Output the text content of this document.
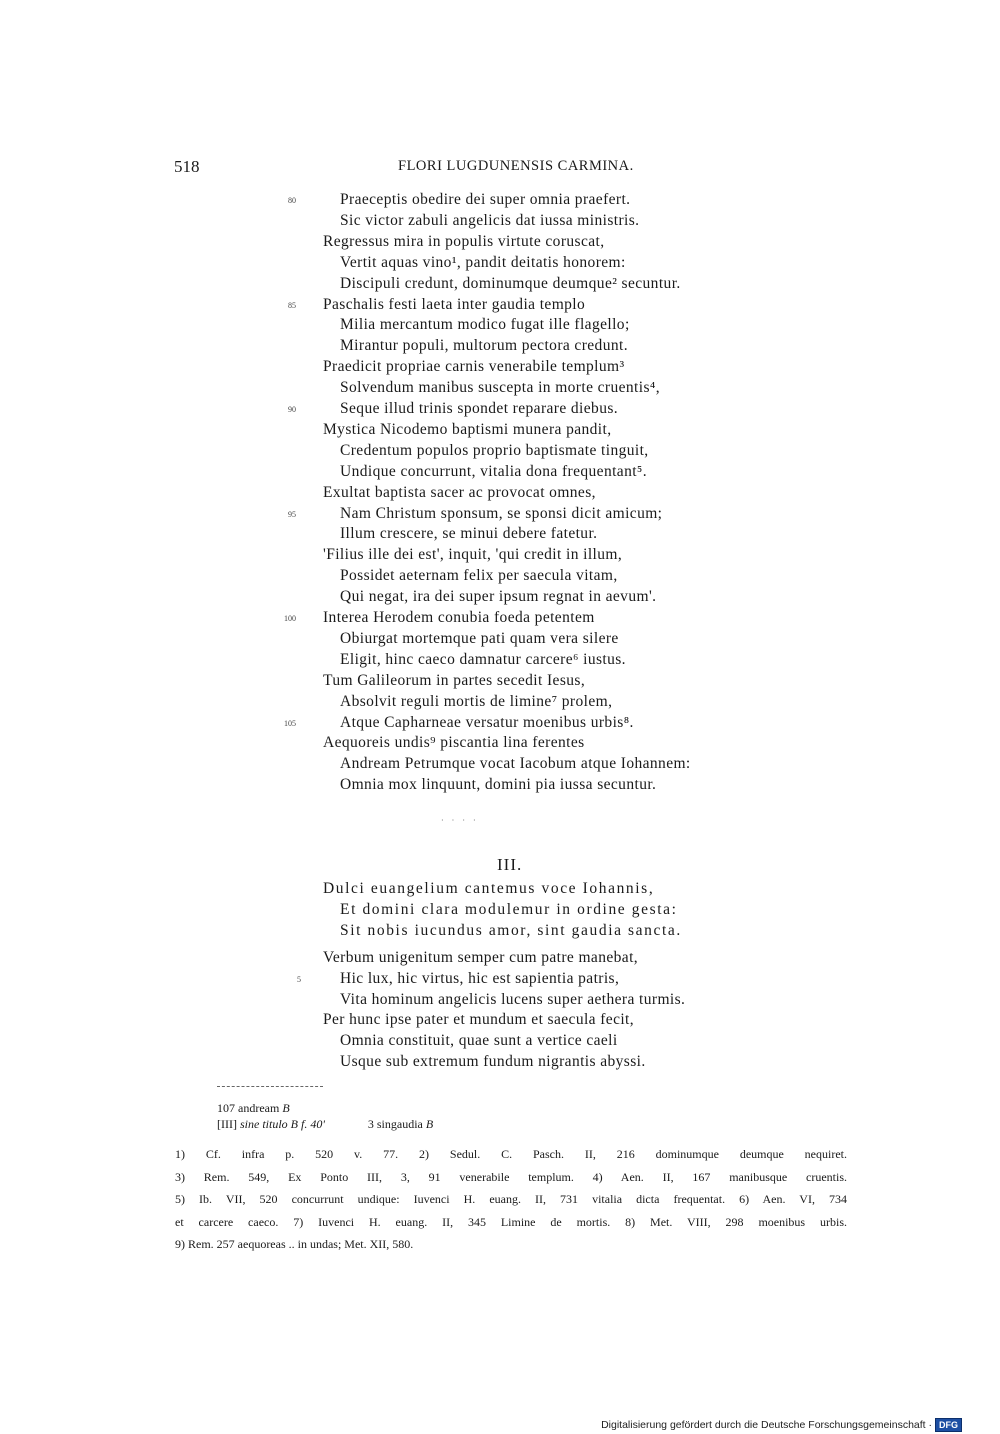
518	FLORI LUGDUNENSIS CARMINA.
Praeceptis obedire dei super omnia praefert.
80
Sic victor zabuli angelicis dat iussa ministris.
Regressus mira in populis virtute coruscat,
Vertit aquas vino¹, pandit deitatis honorem:
Discipuli credunt, dominumque deumque² secuntur.
Paschalis festi laeta inter gaudia templo
85
Milia mercantum modico fugat ille flagello;
Mirantur populi, multorum pectora credunt.
Praedicit propriae carnis venerabile templum³
Solvendum manibus suscepta in morte cruentis⁴,
Seque illud trinis spondet reparare diebus.
90
Mystica Nicodemo baptismi munera pandit,
Credentum populos proprio baptismate tinguit,
Undique concurrunt, vitalia dona frequentant⁵.
Exultat baptista sacer ac provocat omnes,
Nam Christum sponsum, se sponsi dicit amicum;
95
Illum crescere, se minui debere fatetur.
'Filius ille dei est', inquit, 'qui credit in illum,
Possidet aeternam felix per saecula vitam,
Qui negat, ira dei super ipsum regnat in aevum'.
Interea Herodem conubia foeda petentem
100
Obiurgat mortemque pati quam vera silere
Eligit, hinc caeco damnatur carcere⁶ iustus.
Tum Galileorum in partes secedit Iesus,
Absolvit reguli mortis de limine⁷ prolem,
Atque Capharneae versatur moenibus urbis⁸.
105
Aequoreis undis⁹ piscantia lina ferentes
Andream Petrumque vocat Iacobum atque Iohannem:
Omnia mox linquunt, domini pia iussa secuntur.
· · · ·
III.
Dulci euangelium cantemus voce Iohannis,
Et domini clara modulemur in ordine gesta:
Sit nobis iucundus amor, sint gaudia sancta.
Verbum unigenitum semper cum patre manebat,
Hic lux, hic virtus, hic est sapientia patris,
5
Vita hominum angelicis lucens super aethera turmis.
Per hunc ipse pater et mundum et saecula fecit,
Omnia constituit, quae sunt a vertice caeli
Usque sub extremum fundum nigrantis abyssi.
107 andream B
[III] sine titulo B f. 40'	3 singaudia B
1) Cf. infra p. 520 v. 77. 2) Sedul. C. Pasch. II, 216 dominumque deumque nequiret.
3) Rem. 549, Ex Ponto III, 3, 91 venerabile templum. 4) Aen. II, 167 manibusque cruentis.
5) Ib. VII, 520 concurrunt undique: Iuvenci H. euang. II, 731 vitalia dicta frequentat. 6) Aen. VI, 734
et carcere caeco. 7) Iuvenci H. euang. II, 345 Limine de mortis. 8) Met. VIII, 298 moenibus urbis.
9) Rem. 257 aequoreas .. in undas; Met. XII, 580.
Digitalisierung gefördert durch die Deutsche Forschungsgemeinschaft · DFG
